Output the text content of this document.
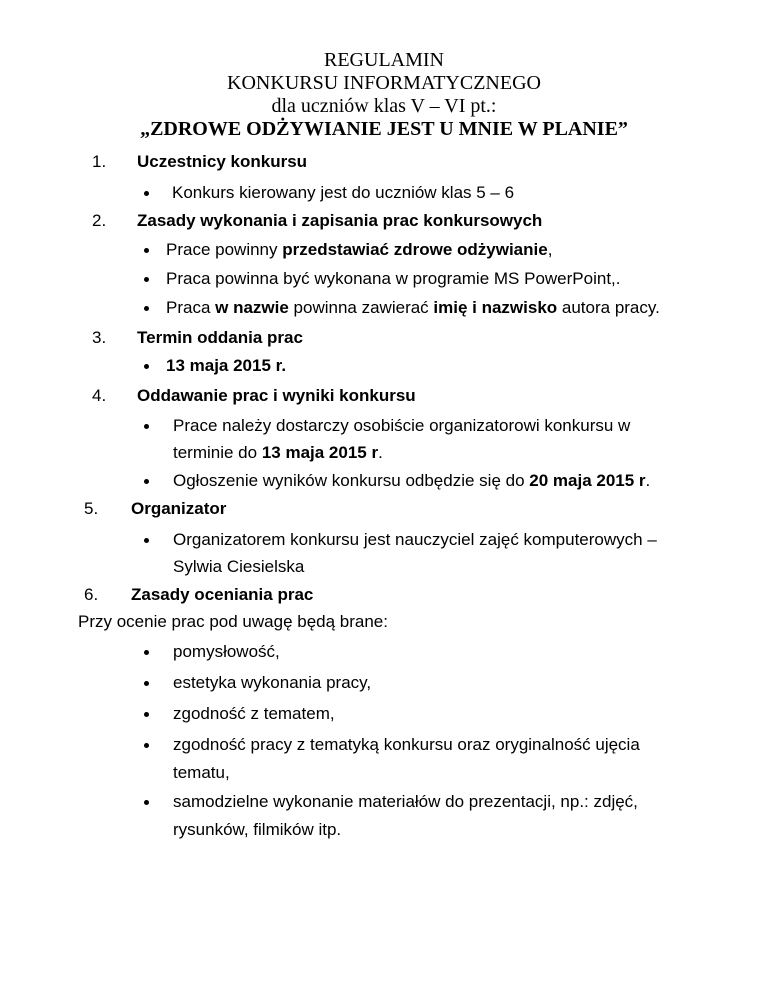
REGULAMIN
KONKURSU INFORMATYCZNEGO
dla uczniów klas V – VI pt.:
„ZDROWE ODŻYWIANIE JEST U MNIE W PLANIE”
1. Uczestnicy konkursu
Konkurs kierowany jest do uczniów klas 5 – 6
2. Zasady wykonania i zapisania prac konkursowych
Prace powinny przedstawiać zdrowe odżywianie,
Praca powinna być wykonana w programie MS PowerPoint,.
Praca w nazwie powinna zawierać imię i nazwisko autora pracy.
3. Termin oddania prac
13 maja 2015 r.
4. Oddawanie prac i wyniki konkursu
Prace należy dostarczy osobiście organizatorowi konkursu w
terminie do 13 maja 2015 r.
Ogłoszenie wyników konkursu odbędzie się do 20 maja 2015 r.
5. Organizator
Organizatorem konkursu jest nauczyciel zajęć komputerowych –
Sylwia Ciesielska
6. Zasady oceniania prac
Przy ocenie prac pod uwagę będą brane:
pomysłowość,
estetyka wykonania pracy,
zgodność z tematem,
zgodność pracy z tematyką konkursu oraz oryginalność ujęcia
tematu,
samodzielne wykonanie materiałów do prezentacji, np.: zdjęć,
rysunków, filmików itp.
